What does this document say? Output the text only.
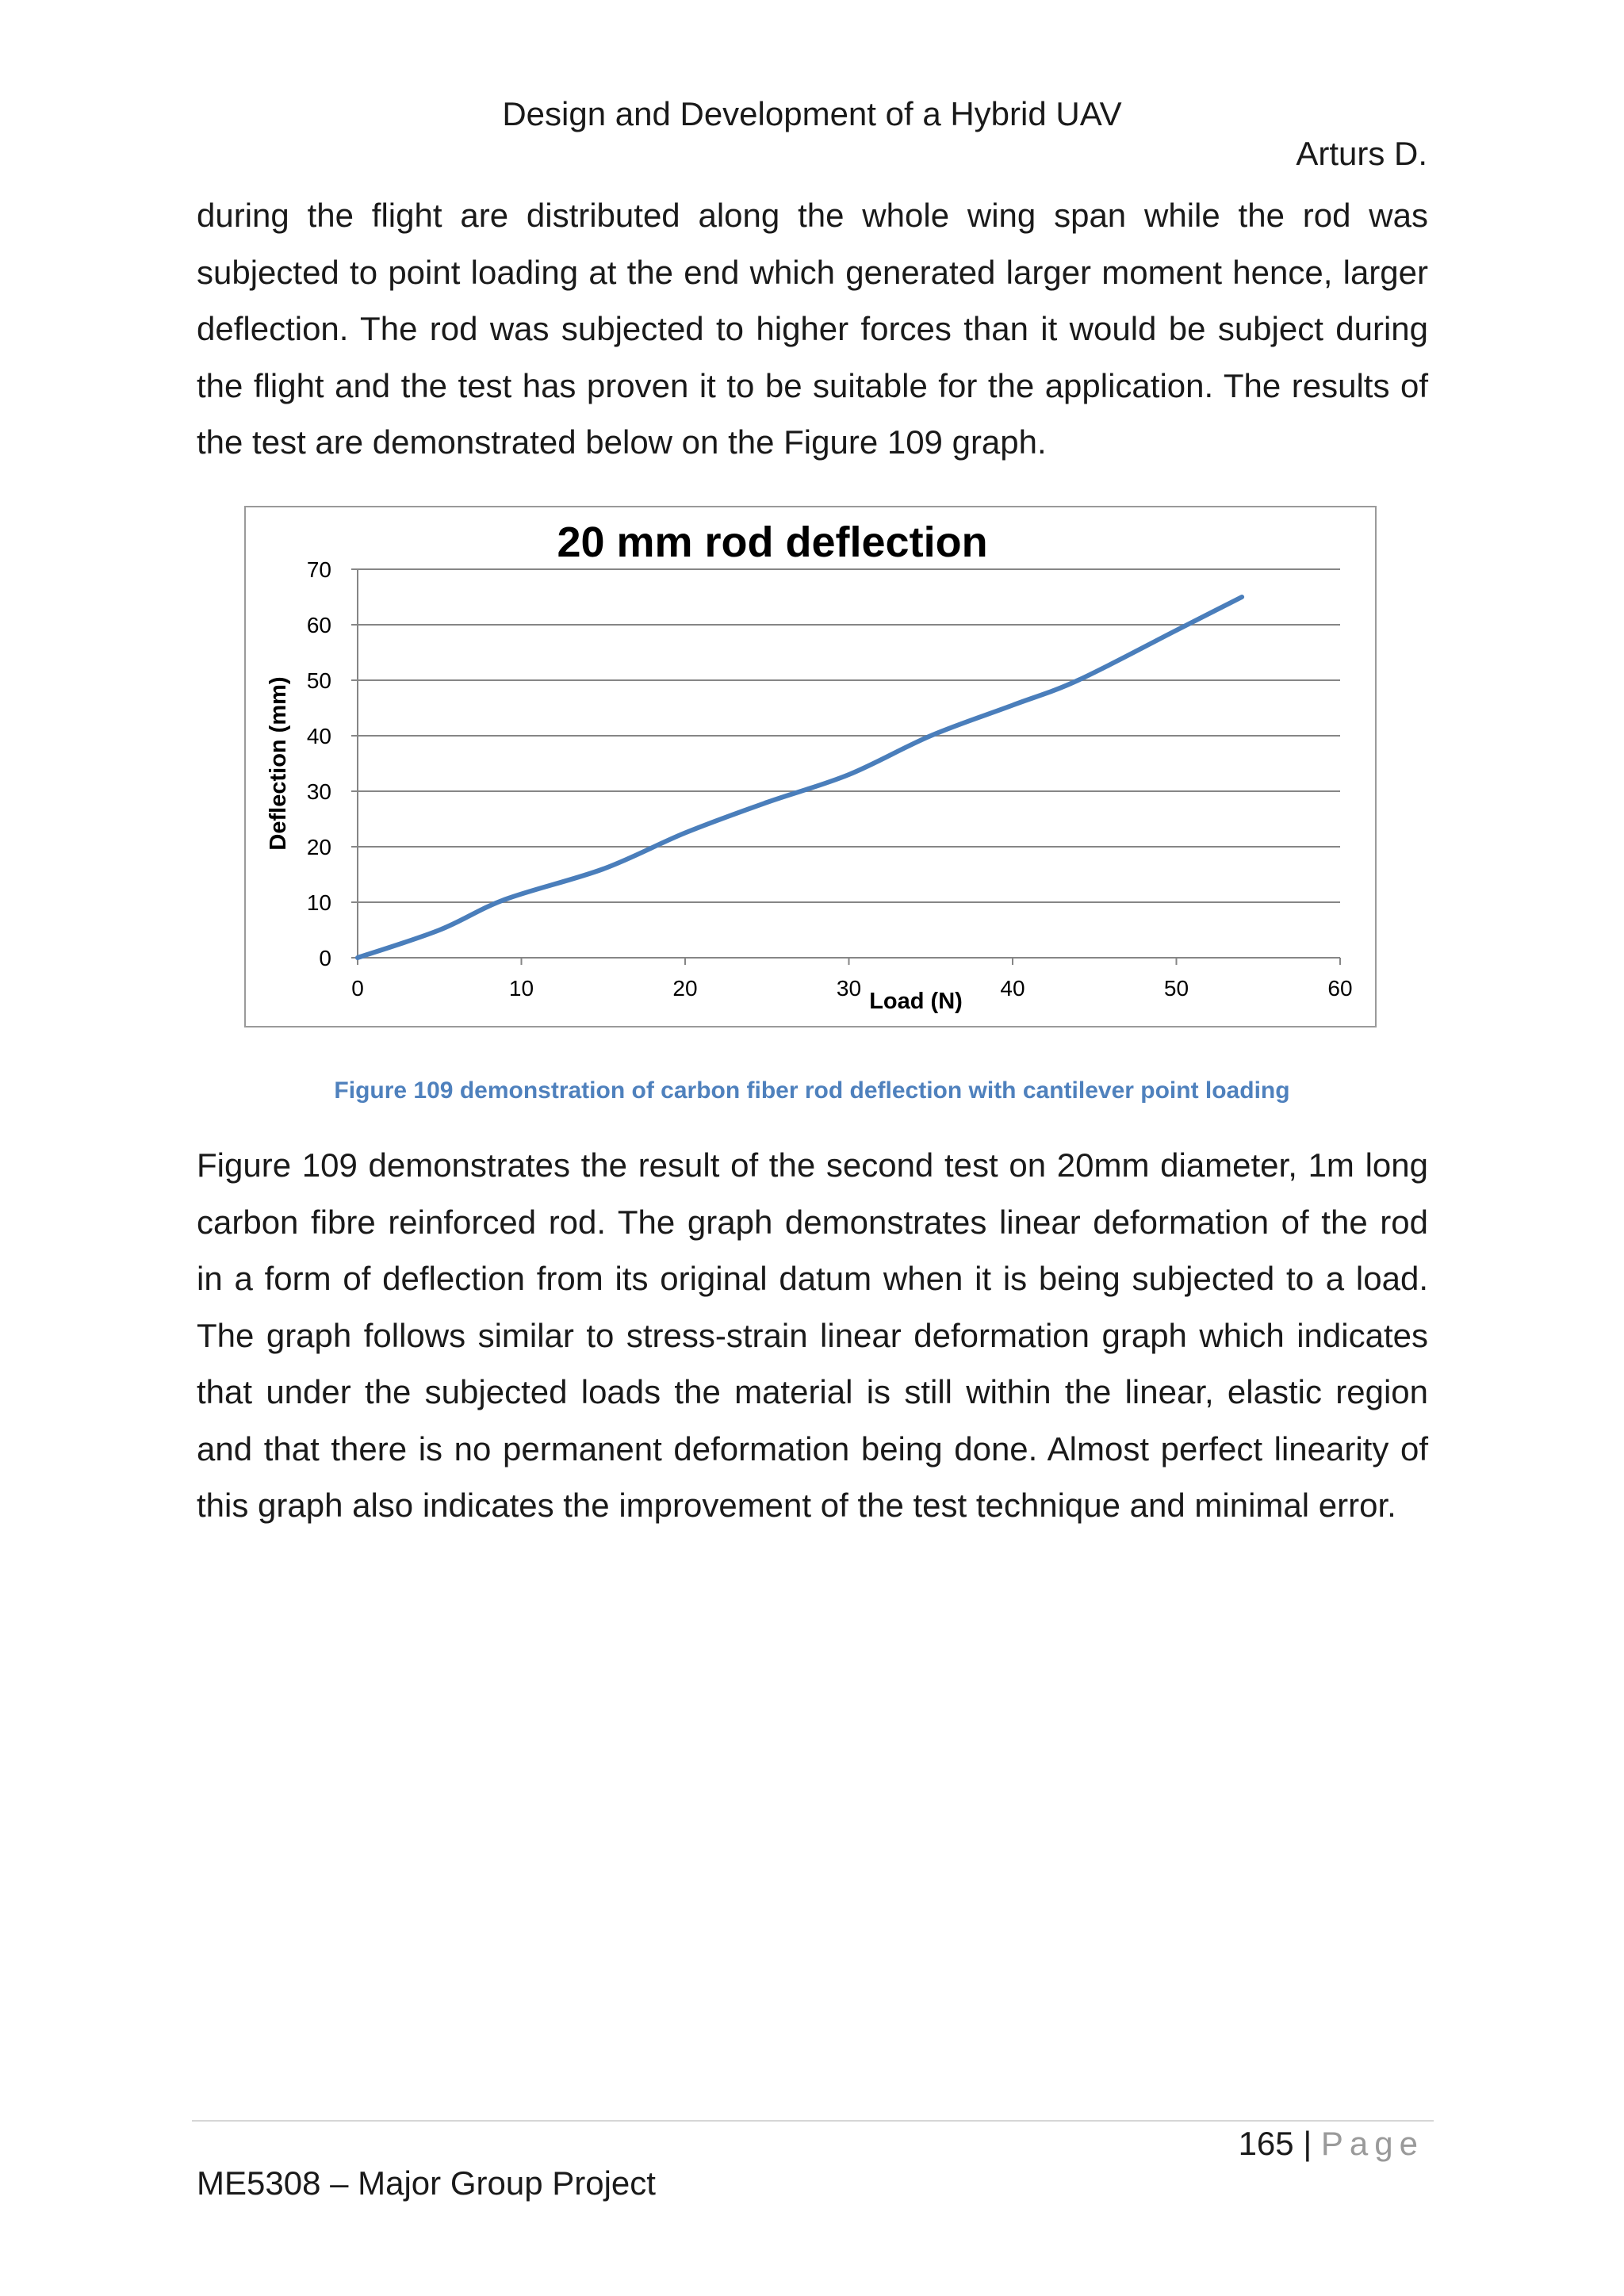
Design and Development of a Hybrid UAV
Arturs D.

during the flight are distributed along the whole wing span while the rod was subjected to point loading at the end which generated larger moment hence, larger deflection. The rod was subjected to higher forces than it would be subject during the flight and the test has proven it to be suitable for the application. The results of the test are demonstrated below on the Figure 109 graph.

0
10
20
30
40
50
60
70
0	10	20	30	40	50	60
20 mm rod deflection
Load (N)
Deflection (mm)
Figure 109 demonstration of carbon fiber rod deflection with cantilever point loading

Figure 109 demonstrates the result of the second test on 20mm diameter, 1m long carbon fibre reinforced rod. The graph demonstrates linear deformation of the rod in a form of deflection from its original datum when it is being subjected to a load. The graph follows similar to stress-strain linear deformation graph which indicates that under the subjected loads the material is still within the linear, elastic region and that there is no permanent deformation being done. Almost perfect linearity of this graph also indicates the improvement of the test technique and minimal error.

165 | Page
ME5308 – Major Group Project
